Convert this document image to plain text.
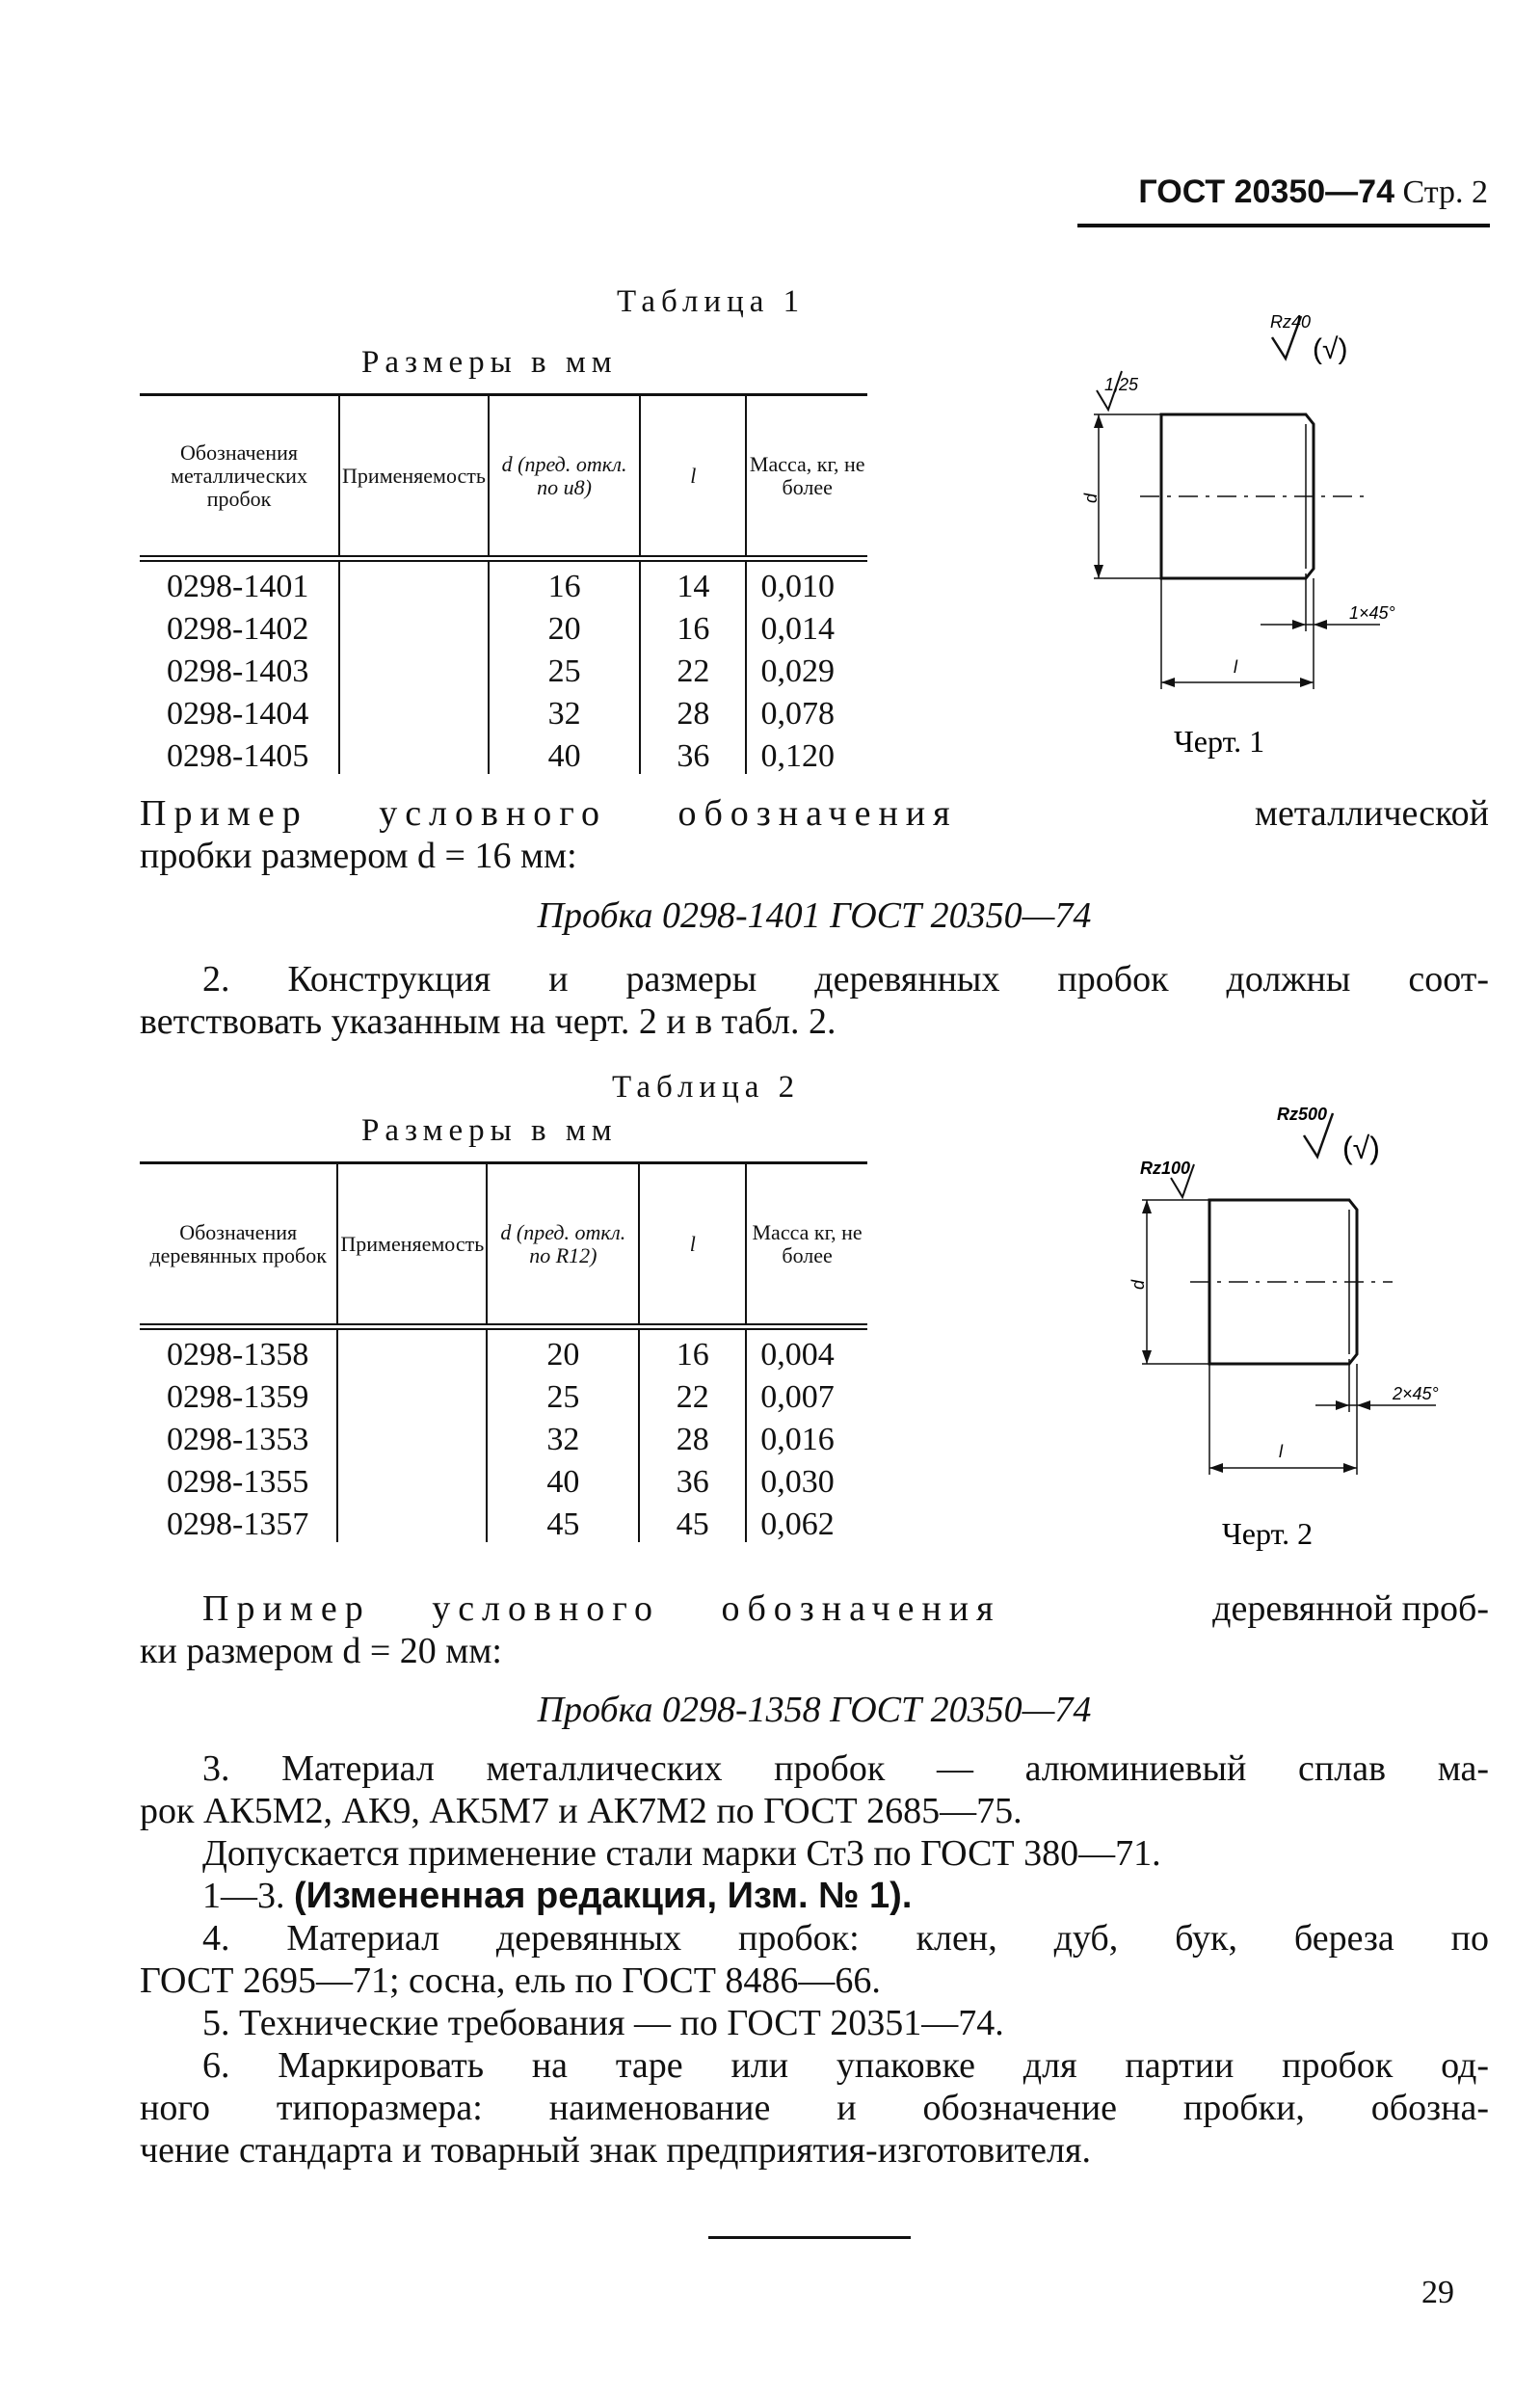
ГОСТ 20350—74 Стр. 2
Таблица 1
Размеры в мм
Обозначения металлических пробок	Применяемость	d (пред. откл. по u8)	l	Масса, кг, не более
0298-1401		16	14	0,010
0298-1402		20	16	0,014
0298-1403		25	22	0,029
0298-1404		32	28	0,078
0298-1405		40	36	0,120
Rz40
(√)
1,25
d
l
1×45°
Черт. 1
Пример условного обозначения	металлической
пробки размером d = 16 мм:
Пробка 0298-1401 ГОСТ 20350—74
2. Конструкция и размеры деревянных пробок должны соот-
ветствовать указанным на черт. 2 и в табл. 2.
Таблица 2
Размеры в мм
Обозначения деревянных пробок	Применяемость	d (пред. откл. по R12)	l	Масса кг, не более
0298-1358		20	16	0,004
0298-1359		25	22	0,007
0298-1353		32	28	0,016
0298-1355		40	36	0,030
0298-1357		45	45	0,062
Rz500
(√)
Rz100
d
l
2×45°
Черт. 2
Пример условного обозначения	деревянной проб-
ки размером d = 20 мм:
Пробка 0298-1358 ГОСТ 20350—74
3. Материал металлических пробок — алюминиевый сплав ма-
рок АК5М2, АК9, АК5М7 и АК7М2 по ГОСТ 2685—75.
Допускается применение стали марки Ст3 по ГОСТ 380—71.
1—3. (Измененная редакция, Изм. № 1).
4. Материал деревянных пробок: клен, дуб, бук, береза по
ГОСТ 2695—71; сосна, ель по ГОСТ 8486—66.
5. Технические требования — по ГОСТ 20351—74.
6. Маркировать на таре или упаковке для партии пробок од-
ного типоразмера: наименование и обозначение пробки, обозна-
чение стандарта и товарный знак предприятия-изготовителя.
29
